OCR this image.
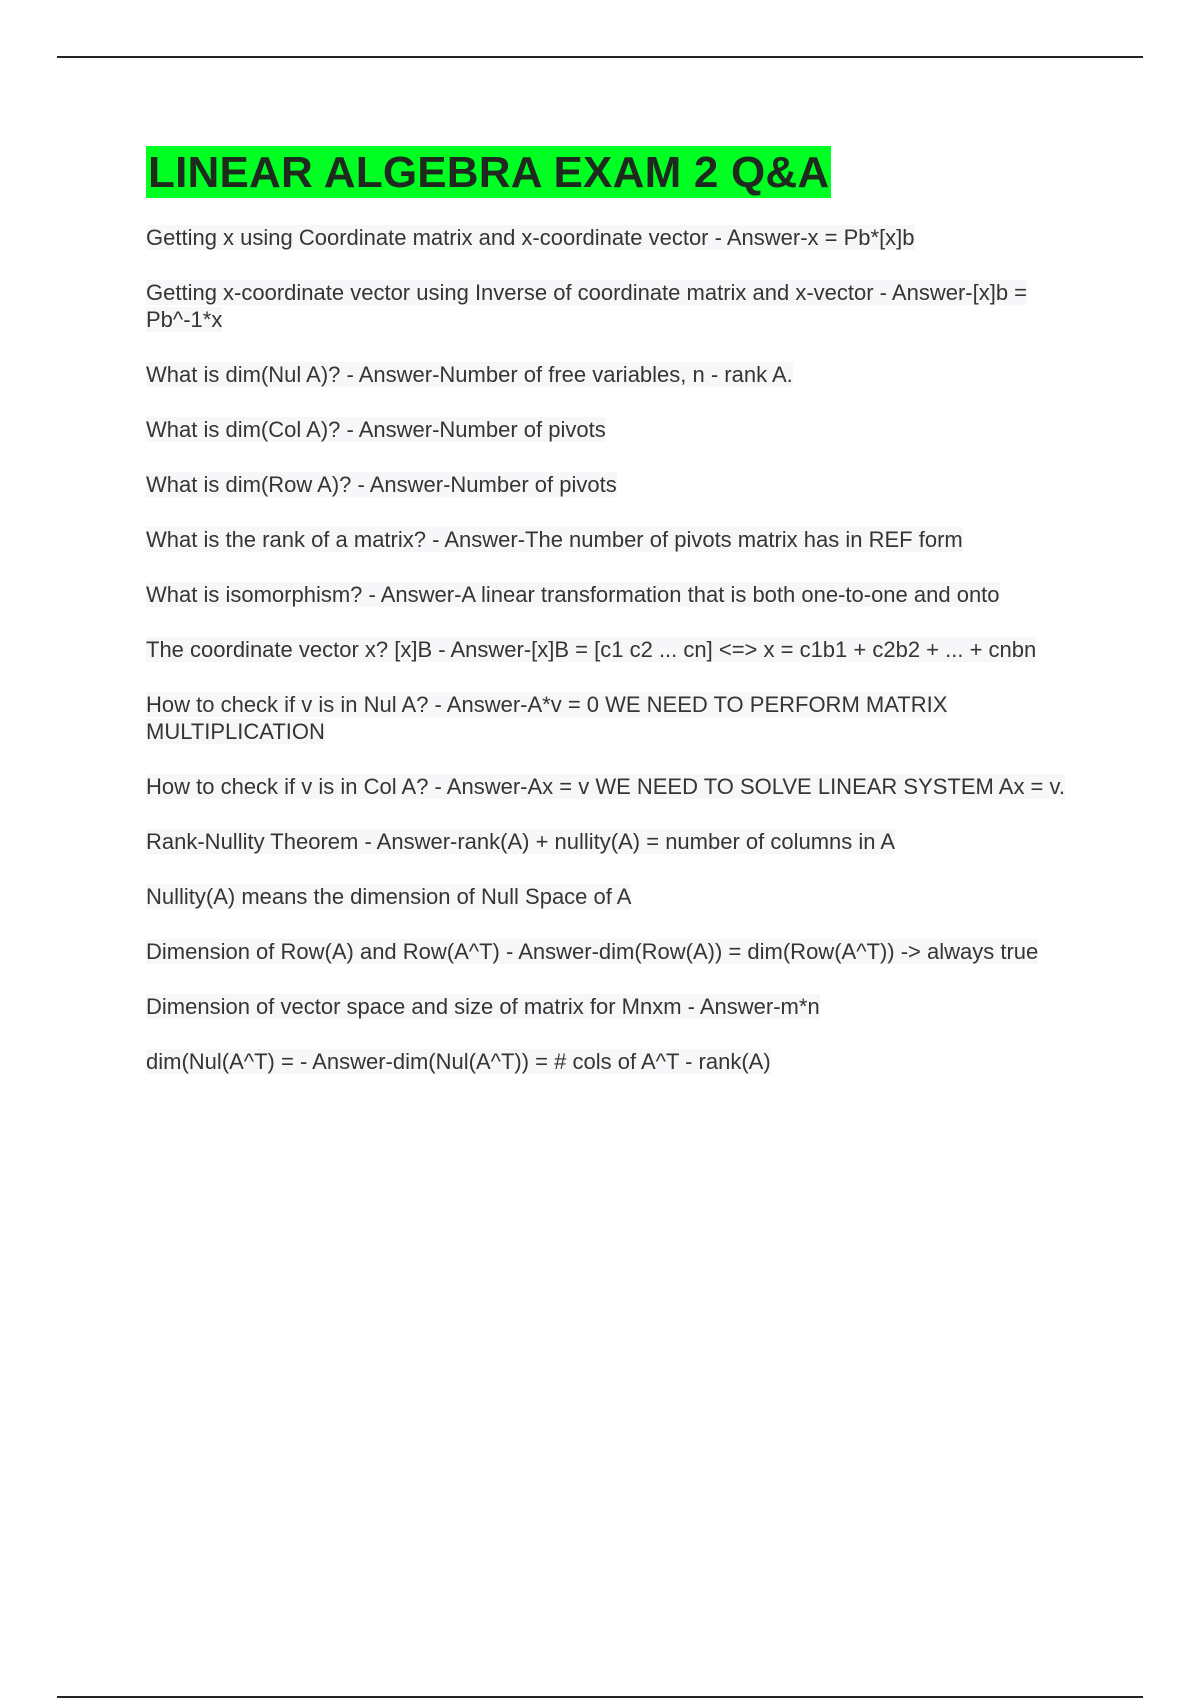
LINEAR ALGEBRA EXAM 2 Q&A
Getting x using Coordinate matrix and x-coordinate vector - Answer-x = Pb*[x]b
Getting x-coordinate vector using Inverse of coordinate matrix and x-vector - Answer-[x]b = Pb^-1*x
What is dim(Nul A)? - Answer-Number of free variables, n - rank A.
What is dim(Col A)? - Answer-Number of pivots
What is dim(Row A)? - Answer-Number of pivots
What is the rank of a matrix? - Answer-The number of pivots matrix has in REF form
What is isomorphism? - Answer-A linear transformation that is both one-to-one and onto
The coordinate vector x? [x]B - Answer-[x]B = [c1 c2 ... cn] <=> x = c1b1 + c2b2 + ... + cnbn
How to check if v is in Nul A? - Answer-A*v = 0 WE NEED TO PERFORM MATRIX MULTIPLICATION
How to check if v is in Col A? - Answer-Ax = v WE NEED TO SOLVE LINEAR SYSTEM Ax = v.
Rank-Nullity Theorem - Answer-rank(A) + nullity(A) = number of columns in A
Nullity(A) means the dimension of Null Space of A
Dimension of Row(A) and Row(A^T) - Answer-dim(Row(A)) = dim(Row(A^T)) -> always true
Dimension of vector space and size of matrix for Mnxm - Answer-m*n
dim(Nul(A^T) = - Answer-dim(Nul(A^T)) = # cols of A^T - rank(A)
